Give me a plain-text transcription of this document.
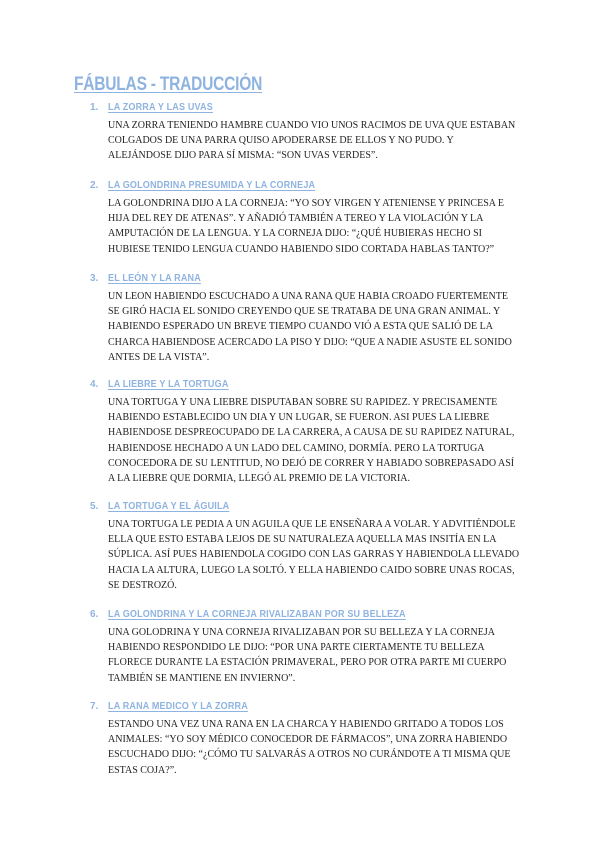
FÁBULAS - TRADUCCIÓN
1. LA ZORRA Y LAS UVAS

UNA ZORRA TENIENDO HAMBRE CUANDO VIO UNOS RACIMOS DE UVA QUE ESTABAN
COLGADOS DE UNA PARRA QUISO APODERARSE DE ELLOS Y NO PUDO. Y
ALEJÁNDOSE DIJO PARA SÍ MISMA: “SON UVAS VERDES”.

2. LA GOLONDRINA PRESUMIDA Y LA CORNEJA

LA GOLONDRINA DIJO A LA CORNEJA: “YO SOY VIRGEN Y ATENIENSE Y PRINCESA E
HIJA DEL REY DE ATENAS”. Y AÑADIÓ TAMBIÉN A TEREO Y LA VIOLACIÓN Y LA
AMPUTACIÓN DE LA LENGUA. Y LA CORNEJA DIJO: “¿QUÉ HUBIERAS HECHO SI
HUBIESE TENIDO LENGUA CUANDO HABIENDO SIDO CORTADA HABLAS TANTO?”

3. EL LEÓN Y LA RANA

UN LEON HABIENDO ESCUCHADO A UNA RANA QUE HABIA CROADO FUERTEMENTE
SE GIRÓ HACIA EL SONIDO CREYENDO QUE SE TRATABA DE UNA GRAN ANIMAL. Y
HABIENDO ESPERADO UN BREVE TIEMPO CUANDO VIÓ A ESTA QUE SALIÓ DE LA
CHARCA HABIENDOSE ACERCADO LA PISO Y DIJO: “QUE A NADIE ASUSTE EL SONIDO
ANTES DE LA VISTA”.

4. LA LIEBRE Y LA TORTUGA

UNA TORTUGA Y UNA LIEBRE DISPUTABAN SOBRE SU RAPIDEZ. Y PRECISAMENTE
HABIENDO ESTABLECIDO UN DIA Y UN LUGAR, SE FUERON. ASI PUES LA LIEBRE
HABIENDOSE DESPREOCUPADO DE LA CARRERA, A CAUSA DE SU RAPIDEZ NATURAL,
HABIENDOSE HECHADO A UN LADO DEL CAMINO, DORMÍA. PERO LA TORTUGA
CONOCEDORA DE SU LENTITUD, NO DEJÓ DE CORRER Y HABIADO SOBREPASADO ASÍ
A LA LIEBRE QUE DORMIA, LLEGÓ AL PREMIO DE LA VICTORIA.

5. LA TORTUGA Y EL ÁGUILA

UNA TORTUGA LE PEDIA A UN AGUILA QUE LE ENSEÑARA A VOLAR. Y ADVITIÉNDOLE
ELLA QUE ESTO ESTABA LEJOS DE SU NATURALEZA AQUELLA MAS INSITÍA EN LA
SÚPLICA. ASÍ PUES HABIENDOLA COGIDO CON LAS GARRAS Y HABIENDOLA LLEVADO
HACIA LA ALTURA, LUEGO LA SOLTÓ. Y ELLA HABIENDO CAIDO SOBRE UNAS ROCAS,
SE DESTROZÓ.

6. LA GOLONDRINA Y LA CORNEJA RIVALIZABAN POR SU BELLEZA

UNA GOLODRINA Y UNA CORNEJA RIVALIZABAN POR SU BELLEZA Y LA CORNEJA
HABIENDO RESPONDIDO LE DIJO: “POR UNA PARTE CIERTAMENTE TU BELLEZA
FLORECE DURANTE LA ESTACIÓN PRIMAVERAL, PERO POR OTRA PARTE MI CUERPO
TAMBIÉN SE MANTIENE EN INVIERNO”.

7. LA RANA MEDICO Y LA ZORRA

ESTANDO UNA VEZ UNA RANA EN LA CHARCA Y HABIENDO GRITADO A TODOS LOS
ANIMALES: “YO SOY MÉDICO CONOCEDOR DE FÁRMACOS”, UNA ZORRA HABIENDO
ESCUCHADO DIJO: “¿CÓMO TU SALVARÁS A OTROS NO CURÁNDOTE A TI MISMA QUE
ESTAS COJA?”.
